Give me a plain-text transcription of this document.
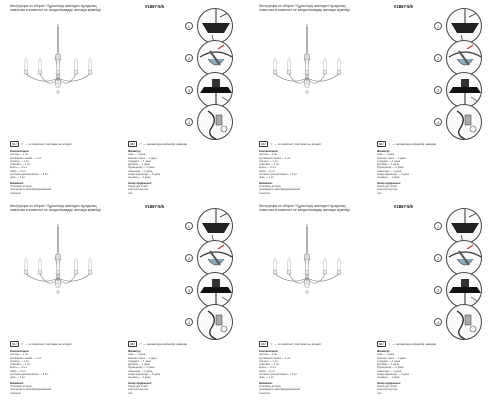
Инструкция по сборке / Құрастыру жөніндегі нұсқаулық
лампочки в комплект не входят/шамдар жинаққа кірмейді
V1867-5/5
1
2
3
4
EU	○ — в комплект поставки не входит	EU	○ — жинақтауға кірмейді шамдар
Комплектация:
люстра — 1 шт.
крепёжная планка — 1 шт.
паспорт — 1 шт.
упаковка — 1 шт.
винты — 2 шт.
гайки — 2 шт.
колпачки декоративные — 5 шт.
цепь — 1 шт.
Внимание:
Установку должен
производить квалифицированный
электрик.
Жинақтау:
шам — 1 дана
бекіткіш тақта — 1 дана
төлқұжат — 1 дана
қаптама — 1 дана
бұрандалар — 2 дана
сомындар — 2 дана
сәндік қақпақтар — 5 дана
шынжыр — 1 дана
Назар аударыңыз:
Орнатуды білікті
электрик жүргізуі
тиіс.
Инструкция по сборке / Құрастыру жөніндегі нұсқаулық
лампочки в комплект не входят/шамдар жинаққа кірмейді
V1867-5/5
1
2
3
4
EU	○ — в комплект поставки не входит	EU	○ — жинақтауға кірмейді шамдар
Комплектация:
люстра — 1 шт.
крепёжная планка — 1 шт.
паспорт — 1 шт.
упаковка — 1 шт.
винты — 2 шт.
гайки — 2 шт.
колпачки декоративные — 5 шт.
цепь — 1 шт.
Внимание:
Установку должен
производить квалифицированный
электрик.
Жинақтау:
шам — 1 дана
бекіткіш тақта — 1 дана
төлқұжат — 1 дана
қаптама — 1 дана
бұрандалар — 2 дана
сомындар — 2 дана
сәндік қақпақтар — 5 дана
шынжыр — 1 дана
Назар аударыңыз:
Орнатуды білікті
электрик жүргізуі
тиіс.
Инструкция по сборке / Құрастыру жөніндегі нұсқаулық
лампочки в комплект не входят/шамдар жинаққа кірмейді
V1867-5/5
1
2
3
4
EU	○ — в комплект поставки не входит	EU	○ — жинақтауға кірмейді шамдар
Комплектация:
люстра — 1 шт.
крепёжная планка — 1 шт.
паспорт — 1 шт.
упаковка — 1 шт.
винты — 2 шт.
гайки — 2 шт.
колпачки декоративные — 5 шт.
цепь — 1 шт.
Внимание:
Установку должен
производить квалифицированный
электрик.
Жинақтау:
шам — 1 дана
бекіткіш тақта — 1 дана
төлқұжат — 1 дана
қаптама — 1 дана
бұрандалар — 2 дана
сомындар — 2 дана
сәндік қақпақтар — 5 дана
шынжыр — 1 дана
Назар аударыңыз:
Орнатуды білікті
электрик жүргізуі
тиіс.
Инструкция по сборке / Құрастыру жөніндегі нұсқаулық
лампочки в комплект не входят/шамдар жинаққа кірмейді
V1867-5/5
1
2
3
4
EU	○ — в комплект поставки не входит	EU	○ — жинақтауға кірмейді шамдар
Комплектация:
люстра — 1 шт.
крепёжная планка — 1 шт.
паспорт — 1 шт.
упаковка — 1 шт.
винты — 2 шт.
гайки — 2 шт.
колпачки декоративные — 5 шт.
цепь — 1 шт.
Внимание:
Установку должен
производить квалифицированный
электрик.
Жинақтау:
шам — 1 дана
бекіткіш тақта — 1 дана
төлқұжат — 1 дана
қаптама — 1 дана
бұрандалар — 2 дана
сомындар — 2 дана
сәндік қақпақтар — 5 дана
шынжыр — 1 дана
Назар аударыңыз:
Орнатуды білікті
электрик жүргізуі
тиіс.
